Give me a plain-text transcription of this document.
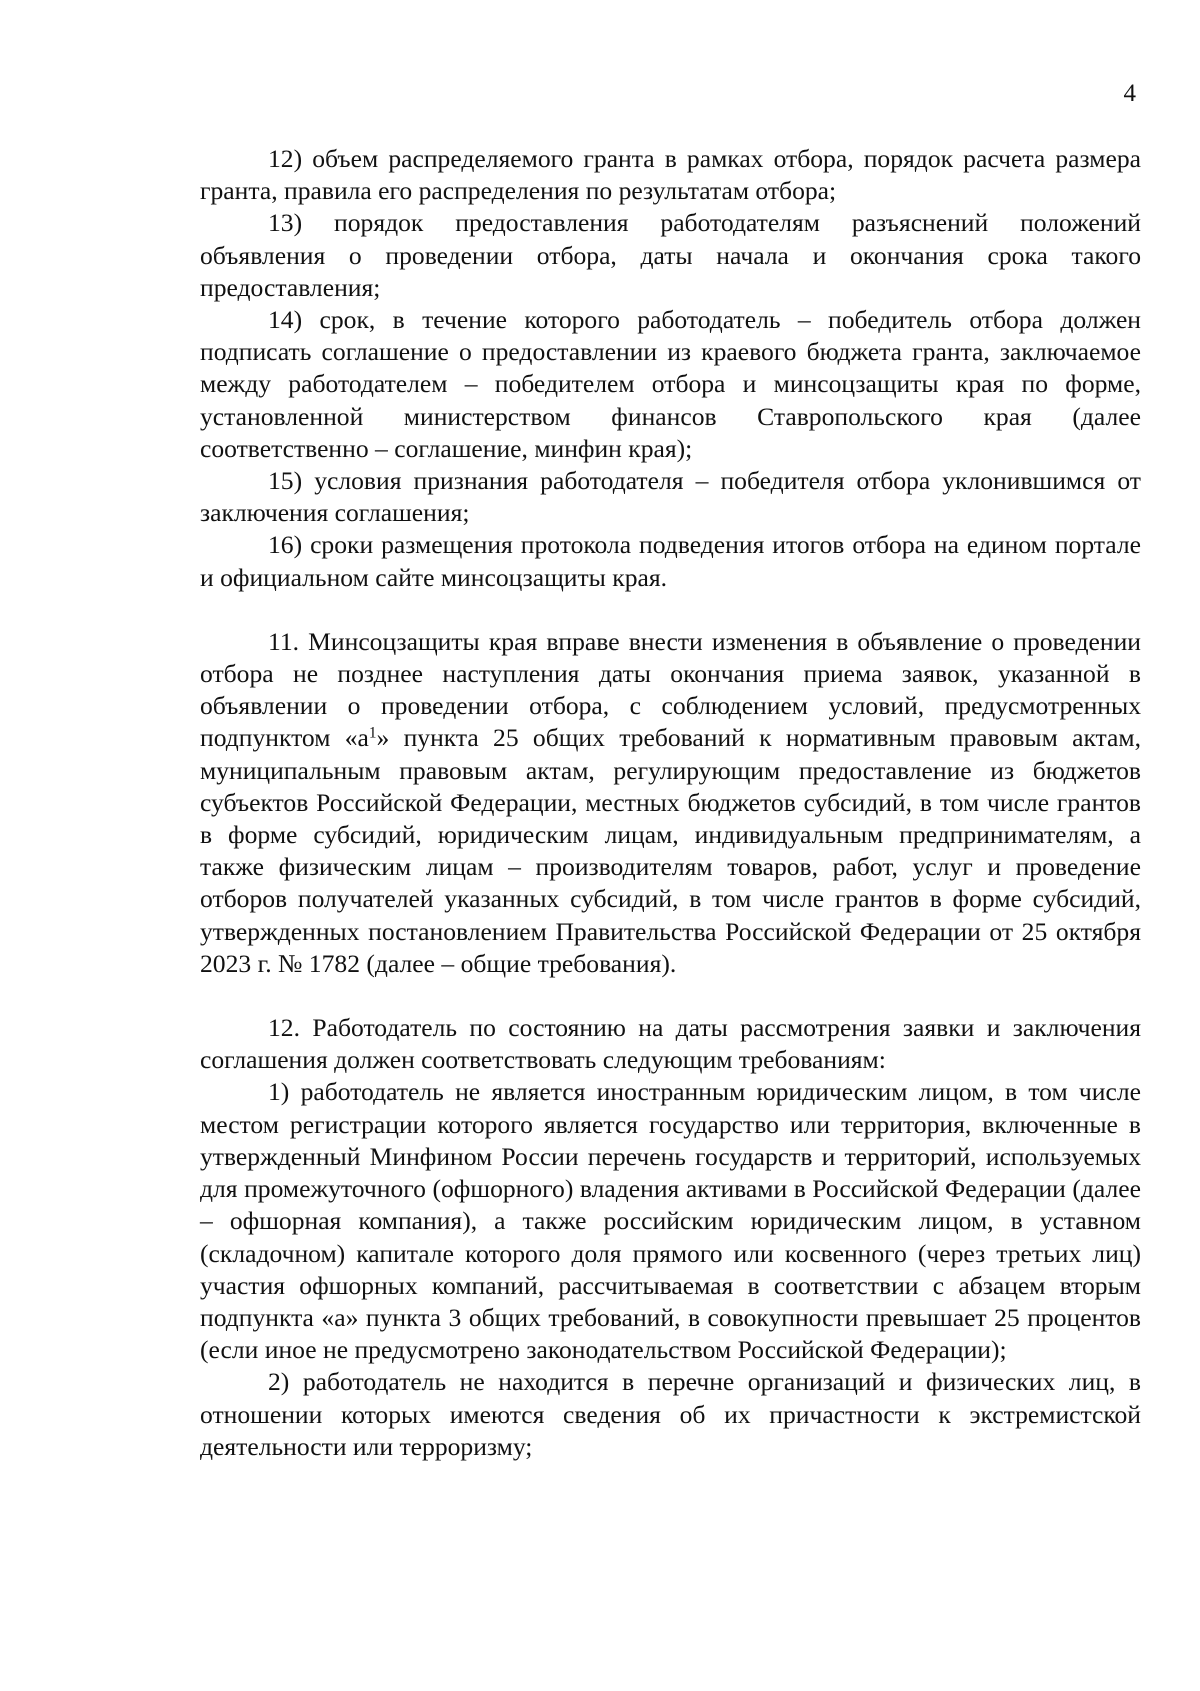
4

12) объем распределяемого гранта в рамках отбора, порядок расчета размера гранта, правила его распределения по результатам отбора;

13) порядок предоставления работодателям разъяснений положений объявления о проведении отбора, даты начала и окончания срока такого предоставления;

14) срок, в течение которого работодатель – победитель отбора должен подписать соглашение о предоставлении из краевого бюджета гранта, заключаемое между работодателем – победителем отбора и минсоцзащиты края по форме, установленной министерством финансов Ставропольского края (далее соответственно – соглашение, минфин края);

15) условия признания работодателя – победителя отбора уклонившимся от заключения соглашения;

16) сроки размещения протокола подведения итогов отбора на едином портале и официальном сайте минсоцзащиты края.

11. Минсоцзащиты края вправе внести изменения в объявление о проведении отбора не позднее наступления даты окончания приема заявок, указанной в объявлении о проведении отбора, с соблюдением условий, предусмотренных подпунктом «$а^1$» пункта 25 общих требований к нормативным правовым актам, муниципальным правовым актам, регулирующим предоставление из бюджетов субъектов Российской Федерации, местных бюджетов субсидий, в том числе грантов в форме субсидий, юридическим лицам, индивидуальным предпринимателям, а также физическим лицам – производителям товаров, работ, услуг и проведение отборов получателей указанных субсидий, в том числе грантов в форме субсидий, утвержденных постановлением Правительства Российской Федерации от 25 октября 2023 г. № 1782 (далее – общие требования).

12. Работодатель по состоянию на даты рассмотрения заявки и заключения соглашения должен соответствовать следующим требованиям:

1) работодатель не является иностранным юридическим лицом, в том числе местом регистрации которого является государство или территория, включенные в утвержденный Минфином России перечень государств и территорий, используемых для промежуточного (офшорного) владения активами в Российской Федерации (далее – офшорная компания), а также российским юридическим лицом, в уставном (складочном) капитале которого доля прямого или косвенного (через третьих лиц) участия офшорных компаний, рассчитываемая в соответствии с абзацем вторым подпункта «а» пункта 3 общих требований, в совокупности превышает 25 процентов (если иное не предусмотрено законодательством Российской Федерации);

2) работодатель не находится в перечне организаций и физических лиц, в отношении которых имеются сведения об их причастности к экстремистской деятельности или терроризму;
